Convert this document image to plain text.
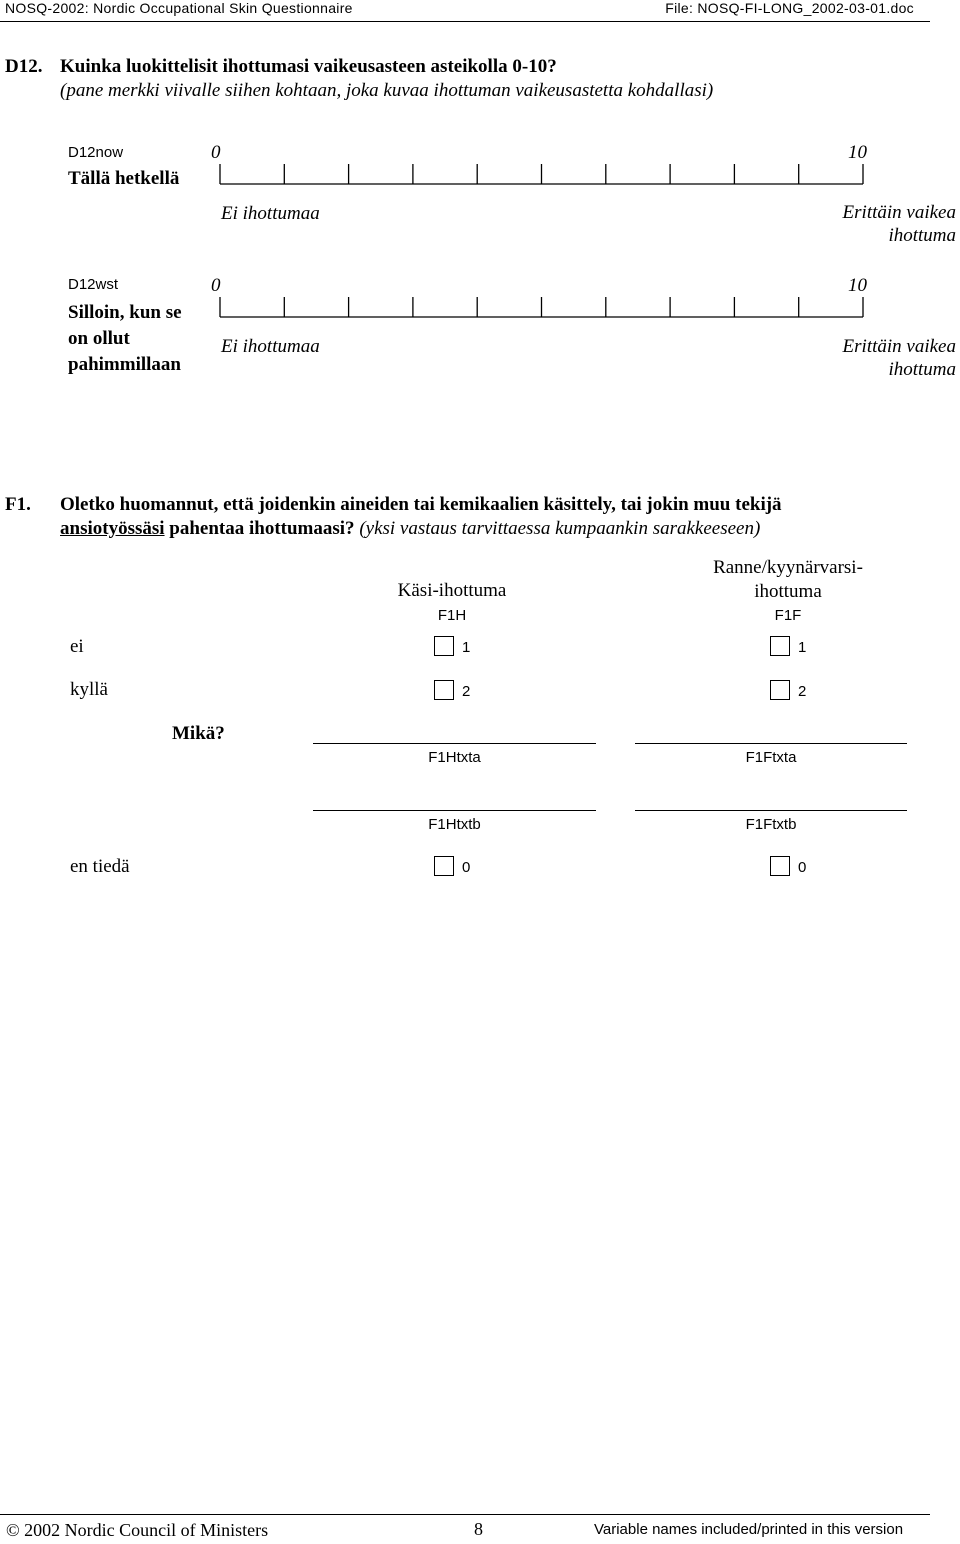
NOSQ-2002: Nordic Occupational Skin Questionnaire	File: NOSQ-FI-LONG_2002-03-01.doc
D12. Kuinka luokittelisit ihottumasi vaikeusasteen asteikolla 0-10?
(pane merkki viivalle siihen kohtaan, joka kuvaa ihottuman vaikeusastetta kohdallasi)
D12now
Tällä hetkellä
0	10
Ei ihottumaa	Erittäin vaikea
ihottuma
D12wst
Silloin, kun se
on ollut
pahimmillaan
0	10
Ei ihottumaa	Erittäin vaikea
ihottuma
F1. Oletko huomannut, että joidenkin aineiden tai kemikaalien käsittely, tai jokin muu tekijä
ansiotyössäsi pahentaa ihottumaasi? (yksi vastaus tarvittaessa kumpaankin sarakkeeseen)
Käsi-ihottuma
F1H
Ranne/kyynärvarsi-
ihottuma
F1F
ei	1	1
kyllä	2	2
Mikä?
F1Htxta	F1Ftxta
F1Htxtb	F1Ftxtb
en tiedä	0	0
© 2002 Nordic Council of Ministers	8	Variable names included/printed in this version
